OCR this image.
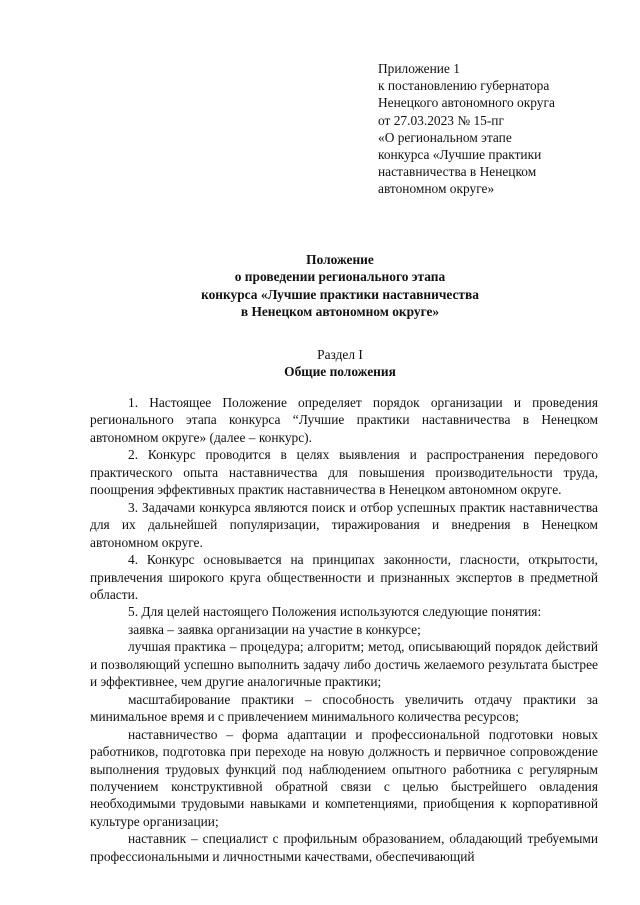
Приложение 1
к постановлению губернатора
Ненецкого автономного округа
от 27.03.2023 № 15-пг
«О региональном этапе
конкурса «Лучшие практики
наставничества в Ненецком
автономном округе»
Положение
о проведении регионального этапа
конкурса «Лучшие практики наставничества
в Ненецком автономном округе»
Раздел I
Общие положения

1. Настоящее Положение определяет порядок организации и проведения регионального этапа конкурса “Лучшие практики наставничества в Ненецком автономном округе» (далее – конкурс).

2. Конкурс проводится в целях выявления и распространения передового практического опыта наставничества для повышения производительности труда, поощрения эффективных практик наставничества в Ненецком автономном округе.

3. Задачами конкурса являются поиск и отбор успешных практик наставничества для их дальнейшей популяризации, тиражирования и внедрения в Ненецком автономном округе.

4. Конкурс основывается на принципах законности, гласности, открытости, привлечения широкого круга общественности и признанных экспертов в предметной области.

5. Для целей настоящего Положения используются следующие понятия:

заявка – заявка организации на участие в конкурсе;

лучшая практика – процедура; алгоритм; метод, описывающий порядок действий и позволяющий успешно выполнить задачу либо достичь желаемого результата быстрее и эффективнее, чем другие аналогичные практики;

масштабирование практики – способность увеличить отдачу практики за минимальное время и с привлечением минимального количества ресурсов;

наставничество – форма адаптации и профессиональной подготовки новых работников, подготовка при переходе на новую должность и первичное сопровождение выполнения трудовых функций под наблюдением опытного работника с регулярным получением конструктивной обратной связи с целью быстрейшего овладения необходимыми трудовыми навыками и компетенциями, приобщения к корпоративной культуре организации;

наставник – специалист с профильным образованием, обладающий требуемыми профессиональными и личностными качествами, обеспечивающий
